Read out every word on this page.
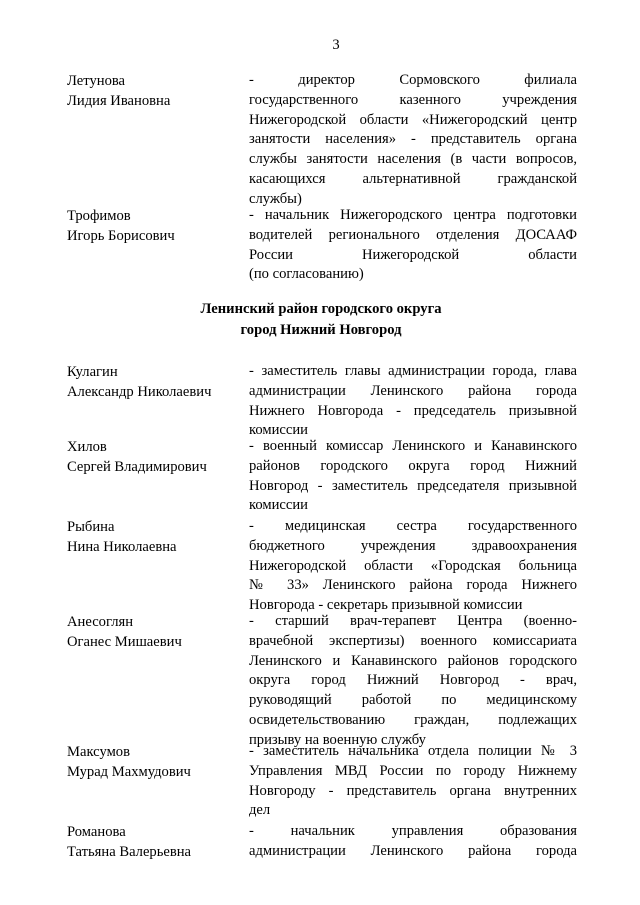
3
Летунова
Лидия Ивановна
- директор Сормовского филиала
государственного казенного учреждения
Нижегородской области «Нижегородский центр
занятости населения» - представитель органа
службы занятости населения (в части вопросов,
касающихся альтернативной гражданской
службы)
Трофимов
Игорь Борисович
- начальник Нижегородского центра подготовки
водителей регионального отделения ДОСААФ
России Нижегородской области
(по согласованию)
Ленинский район городского округа
город Нижний Новгород
Кулагин
Александр Николаевич
- заместитель главы администрации города, глава
администрации Ленинского района города
Нижнего Новгорода - председатель призывной
комиссии
Хилов
Сергей Владимирович
- военный комиссар Ленинского и Канавинского
районов городского округа город Нижний
Новгород - заместитель председателя призывной
комиссии
Рыбина
Нина Николаевна
- медицинская сестра государственного
бюджетного учреждения здравоохранения
Нижегородской области «Городская больница
№ 33» Ленинского района города Нижнего
Новгорода - секретарь призывной комиссии
Анесоглян
Оганес Мишаевич
- старший врач-терапевт Центра (военно-
врачебной экспертизы) военного комиссариата
Ленинского и Канавинского районов городского
округа город Нижний Новгород - врач,
руководящий работой по медицинскому
освидетельствованию граждан, подлежащих
призыву на военную службу
Максумов
Мурад Махмудович
- заместитель начальника отдела полиции № 3
Управления МВД России по городу Нижнему
Новгороду - представитель органа внутренних
дел
Романова
Татьяна Валерьевна
- начальник управления образования
администрации Ленинского района города
